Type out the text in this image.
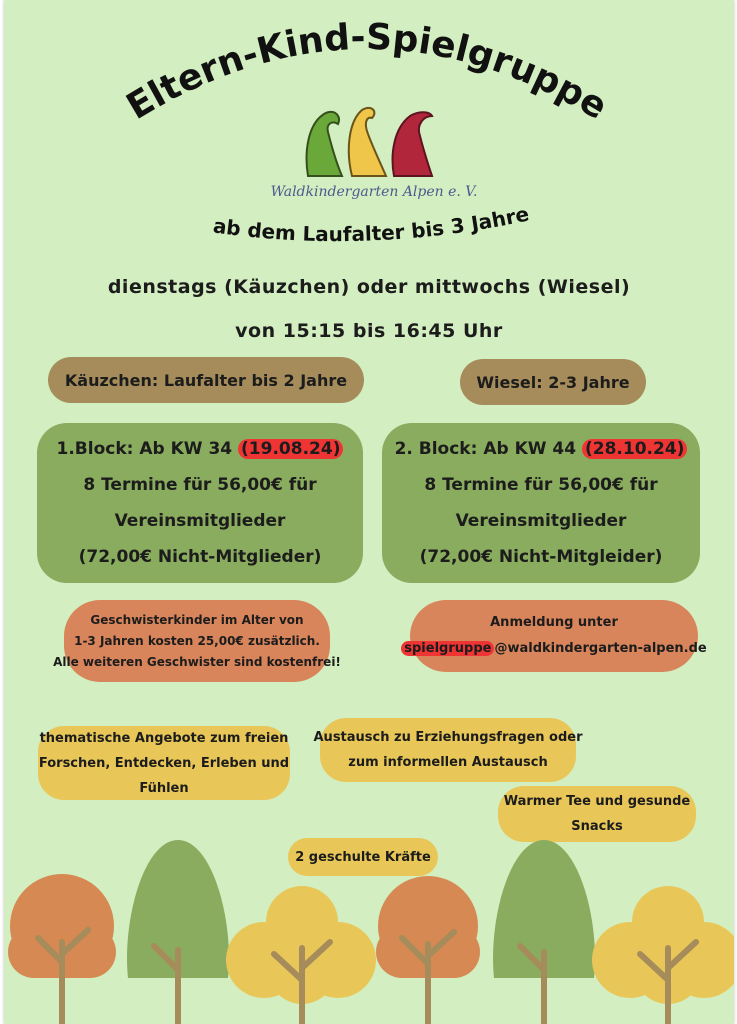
Eltern-Kind-Spielgruppe
Waldkindergarten Alpen e. V.
ab dem Laufalter bis 3 Jahre
dienstags (Käuzchen) oder mittwochs (Wiesel)
von 15:15 bis 16:45 Uhr
Käuzchen: Laufalter bis 2 Jahre	Wiesel: 2-3 Jahre
1.Block: Ab KW 34 (19.08.24)
8 Termine für 56,00€ für
Vereinsmitglieder
(72,00€ Nicht-Mitglieder)
2. Block: Ab KW 44 (28.10.24)
8 Termine für 56,00€ für
Vereinsmitglieder
(72,00€ Nicht-Mitgleider)
Geschwisterkinder im Alter von
1-3 Jahren kosten 25,00€ zusätzlich.
Alle weiteren Geschwister sind kostenfrei!
Anmeldung unter
spielgruppe @waldkindergarten-alpen.de
thematische Angebote zum freien
Forschen, Entdecken, Erleben und
Fühlen
Austausch zu Erziehungsfragen oder
zum informellen Austausch
Warmer Tee und gesunde
Snacks
2 geschulte Kräfte
